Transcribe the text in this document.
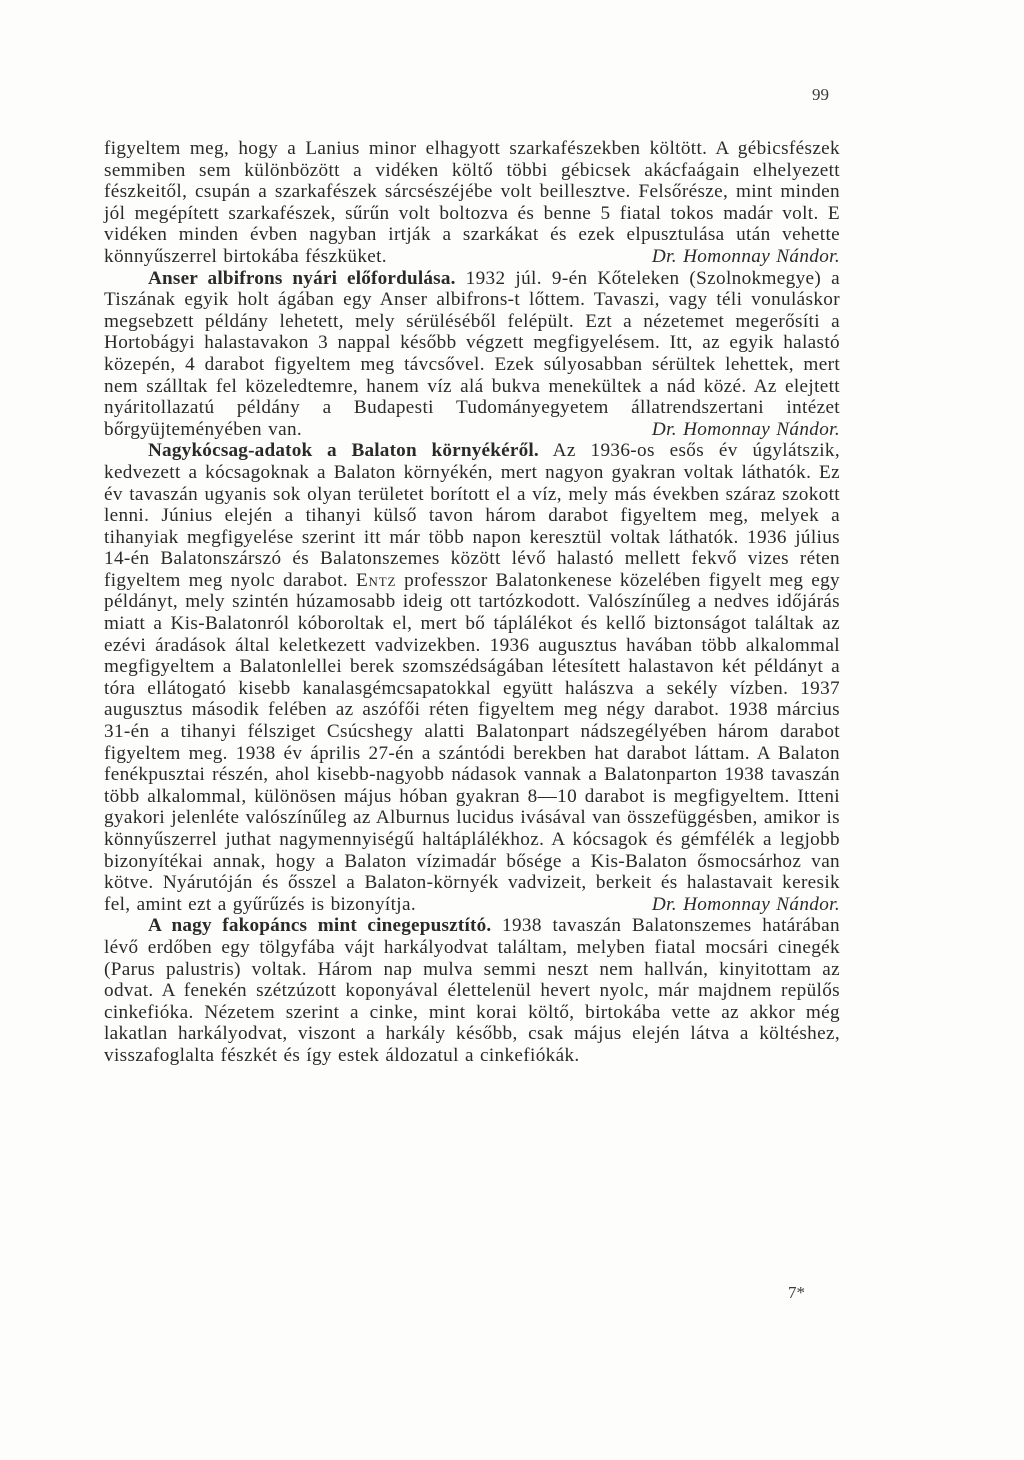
99

figyeltem meg, hogy a Lanius minor elhagyott szarkafészekben költött. A gébicsfészek semmiben sem különbözött a vidéken költő többi gébicsek akácfaágain elhelyezett fészkeitől, csupán a szarkafészek sárcsészéjébe volt beillesztve. Felsőrésze, mint minden jól megépített szarkafészek, sűrűn volt boltozva és benne 5 fiatal tokos madár volt. E vidéken minden évben nagyban irtják a szarkákat és ezek elpusztulása után vehette könnyűszerrel birtokába fészküket.	Dr. Homonnay Nándor.

Anser albifrons nyári előfordulása. 1932 júl. 9-én Kőteleken (Szolnokmegye) a Tiszának egyik holt ágában egy Anser albifrons-t lőttem. Tavaszi, vagy téli vonuláskor megsebzett példány lehetett, mely sérüléséből felépült. Ezt a nézetemet megerősíti a Hortobágyi halastavakon 3 nappal később végzett megfigyelésem. Itt, az egyik halastó közepén, 4 darabot figyeltem meg távcsővel. Ezek súlyosabban sérültek lehettek, mert nem szálltak fel közeledtemre, hanem víz alá bukva menekültek a nád közé. Az elejtett nyáritollazatú példány a Budapesti Tudományegyetem állatrendszertani intézet bőrgyüjteményében van.	Dr. Homonnay Nándor.

Nagykócsag-adatok a Balaton környékéről. Az 1936-os esős év úgylátszik, kedvezett a kócsagoknak a Balaton környékén, mert nagyon gyakran voltak láthatók. Ez év tavaszán ugyanis sok olyan területet borított el a víz, mely más években száraz szokott lenni. Június elején a tihanyi külső tavon három darabot figyeltem meg, melyek a tihanyiak megfigyelése szerint itt már több napon keresztül voltak láthatók. 1936 július 14-én Balatonszárszó és Balatonszemes között lévő halastó mellett fekvő vizes réten figyeltem meg nyolc darabot. Entz professzor Balatonkenese közelében figyelt meg egy példányt, mely szintén húzamosabb ideig ott tartózkodott. Valószínűleg a nedves időjárás miatt a Kis-Balatonról kóboroltak el, mert bő táplálékot és kellő biztonságot találtak az ezévi áradások által keletkezett vadvizekben. 1936 augusztus havában több alkalommal megfigyeltem a Balatonlellei berek szomszédságában létesített halastavon két példányt a tóra ellátogató kisebb kanalasgémcsapatokkal együtt halászva a sekély vízben. 1937 augusztus második felében az aszófői réten figyeltem meg négy darabot. 1938 március 31-én a tihanyi félsziget Csúcshegy alatti Balatonpart nádszegélyében három darabot figyeltem meg. 1938 év április 27-én a szántódi berekben hat darabot láttam. A Balaton fenékpusztai részén, ahol kisebb-nagyobb nádasok vannak a Balatonparton 1938 tavaszán több alkalommal, különösen május hóban gyakran 8—10 darabot is megfigyeltem. Itteni gyakori jelenléte valószínűleg az Alburnus lucidus ivásával van összefüggésben, amikor is könnyűszerrel juthat nagymennyiségű haltáplálékhoz. A kócsagok és gémfélék a legjobb bizonyítékai annak, hogy a Balaton vízimadár bősége a Kis-Balaton ősmocsárhoz van kötve. Nyárutóján és ősszel a Balaton-környék vadvizeit, berkeit és halastavait keresik fel, amint ezt a gyűrűzés is bizonyítja.	Dr. Homonnay Nándor.

A nagy fakopáncs mint cinegepusztító. 1938 tavaszán Balatonszemes határában lévő erdőben egy tölgyfába vájt harkályodvat találtam, melyben fiatal mocsári cinegék (Parus palustris) voltak. Három nap mulva semmi neszt nem hallván, kinyitottam az odvat. A fenekén szétzúzott koponyával élettelenül hevert nyolc, már majdnem repülős cinkefióka. Nézetem szerint a cinke, mint korai költő, birtokába vette az akkor még lakatlan harkályodvat, viszont a harkály később, csak május elején látva a költéshez, visszafoglalta fészkét és így estek áldozatul a cinkefiókák.

7*
